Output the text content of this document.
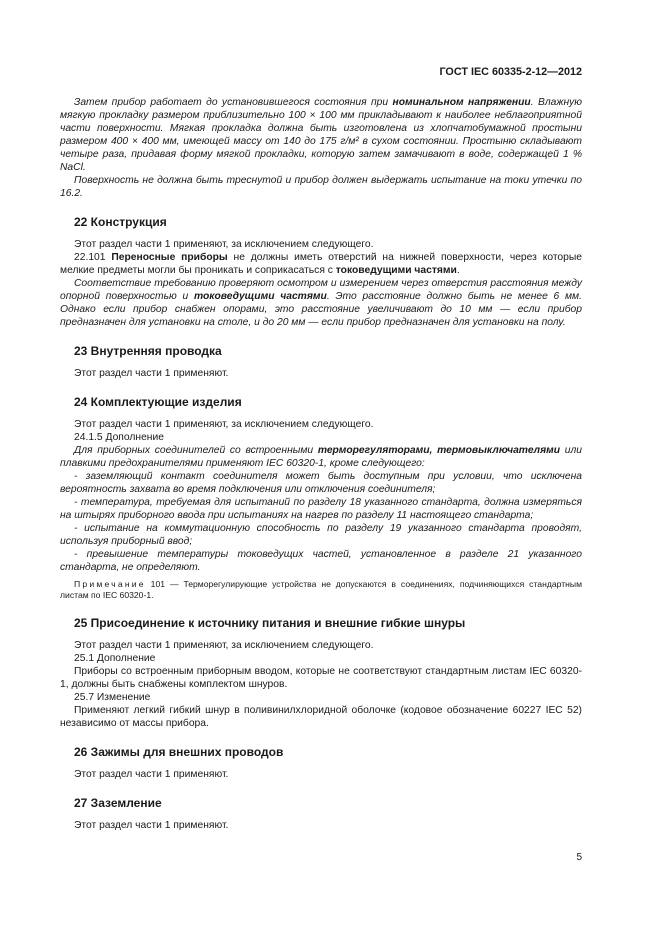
ГОСТ IEC 60335-2-12—2012

Затем прибор работает до установившегося состояния при номинальном напряжении. Влажную мягкую прокладку размером приблизительно 100 × 100 мм прикладывают к наиболее неблагоприятной части поверхности. Мягкая прокладка должна быть изготовлена из хлопчатобумажной простыни размером 400 × 400 мм, имеющей массу от 140 до 175 г/м² в сухом состоянии. Простыню складывают четыре раза, придавая форму мягкой прокладки, которую затем замачивают в воде, содержащей 1 % NaCl.

Поверхность не должна быть треснутой и прибор должен выдержать испытание на токи утечки по 16.2.

22 Конструкция

Этот раздел части 1 применяют, за исключением следующего.

22.101 Переносные приборы не должны иметь отверстий на нижней поверхности, через которые мелкие предметы могли бы проникать и соприкасаться с токоведущими частями.

Соответствие требованию проверяют осмотром и измерением через отверстия расстояния между опорной поверхностью и токоведущими частями. Это расстояние должно быть не менее 6 мм. Однако если прибор снабжен опорами, это расстояние увеличивают до 10 мм — если прибор предназначен для установки на столе, и до 20 мм — если прибор предназначен для установки на полу.

23 Внутренняя проводка

Этот раздел части 1 применяют.

24 Комплектующие изделия

Этот раздел части 1 применяют, за исключением следующего.

24.1.5 Дополнение

Для приборных соединителей со встроенными терморегуляторами, термовыключателями или плавкими предохранителями применяют IEC 60320-1, кроме следующего:

- заземляющий контакт соединителя может быть доступным при условии, что исключена вероятность захвата во время подключения или отключения соединителя;

- температура, требуемая для испытаний по разделу 18 указанного стандарта, должна измеряться на штырях приборного ввода при испытаниях на нагрев по разделу 11 настоящего стандарта;

- испытание на коммутационную способность по разделу 19 указанного стандарта проводят, используя приборный ввод;

- превышение температуры токоведущих частей, установленное в разделе 21 указанного стандарта, не определяют.

Примечание 101 — Терморегулирующие устройства не допускаются в соединениях, подчиняющихся стандартным листам по IEC 60320-1.
25 Присоединение к источнику питания и внешние гибкие шнуры

Этот раздел части 1 применяют, за исключением следующего.

25.1 Дополнение

Приборы со встроенным приборным вводом, которые не соответствуют стандартным листам IEC 60320-1, должны быть снабжены комплектом шнуров.

25.7 Изменение

Применяют легкий гибкий шнур в поливинилхлоридной оболочке (кодовое обозначение 60227 IEC 52) независимо от массы прибора.

26 Зажимы для внешних проводов

Этот раздел части 1 применяют.

27 Заземление

Этот раздел части 1 применяют.

5
